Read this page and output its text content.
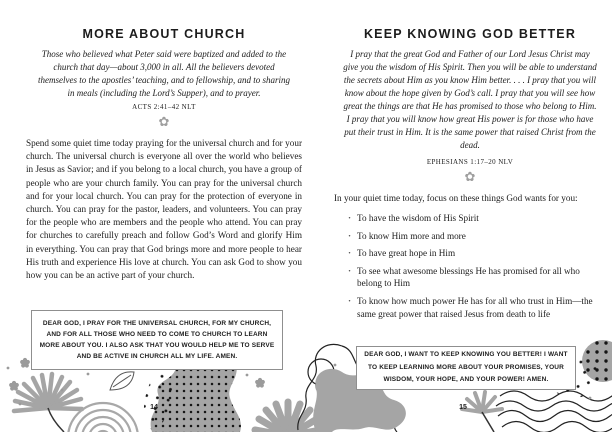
MORE ABOUT CHURCH
Those who believed what Peter said were baptized and added to the church that day—about 3,000 in all. All the believers devoted themselves to the apostles’ teaching, and to fellowship, and to sharing in meals (including the Lord’s Supper), and to prayer.
Acts 2:41–42 NLT
✿

Spend some quiet time today praying for the universal church and for your church. The universal church is everyone all over the world who believes in Jesus as Savior; and if you belong to a local church, you have a group of people who are your church family. You can pray for the universal church and for your local church. You can pray for the protection of everyone in church. You can pray for the pastor, leaders, and volunteers. You can pray for the people who are members and the people who attend. You can pray for churches to carefully preach and follow God’s Word and glorify Him in everything. You can pray that God brings more and more people to hear His truth and experience His love at church. You can ask God to show you how you can be an active part of your church.

DEAR GOD, I PRAY FOR THE UNIVERSAL CHURCH, FOR MY CHURCH, AND FOR ALL THOSE WHO NEED TO COME TO CHURCH TO LEARN MORE ABOUT YOU. I ALSO ASK THAT YOU WOULD HELP ME TO SERVE AND BE ACTIVE IN CHURCH ALL MY LIFE. AMEN.
14
KEEP KNOWING GOD BETTER
I pray that the great God and Father of our Lord Jesus Christ may give you the wisdom of His Spirit. Then you will be able to understand the secrets about Him as you know Him better. . . . I pray that you will know about the hope given by God’s call. I pray that you will see how great the things are that He has promised to those who belong to Him. I pray that you will know how great His power is for those who have put their trust in Him. It is the same power that raised Christ from the dead.
Ephesians 1:17–20 NLV
✿
In your quiet time today, focus on these things God wants for you:
· To have the wisdom of His Spirit
· To know Him more and more
· To have great hope in Him
· To see what awesome blessings He has promised for all who belong to Him
· To know how much power He has for all who trust in Him—the same great power that raised Jesus from death to life
DEAR GOD, I WANT TO KEEP KNOWING YOU BETTER! I WANT TO KEEP LEARNING MORE ABOUT YOUR PROMISES, YOUR WISDOM, YOUR HOPE, AND YOUR POWER! AMEN.
15
